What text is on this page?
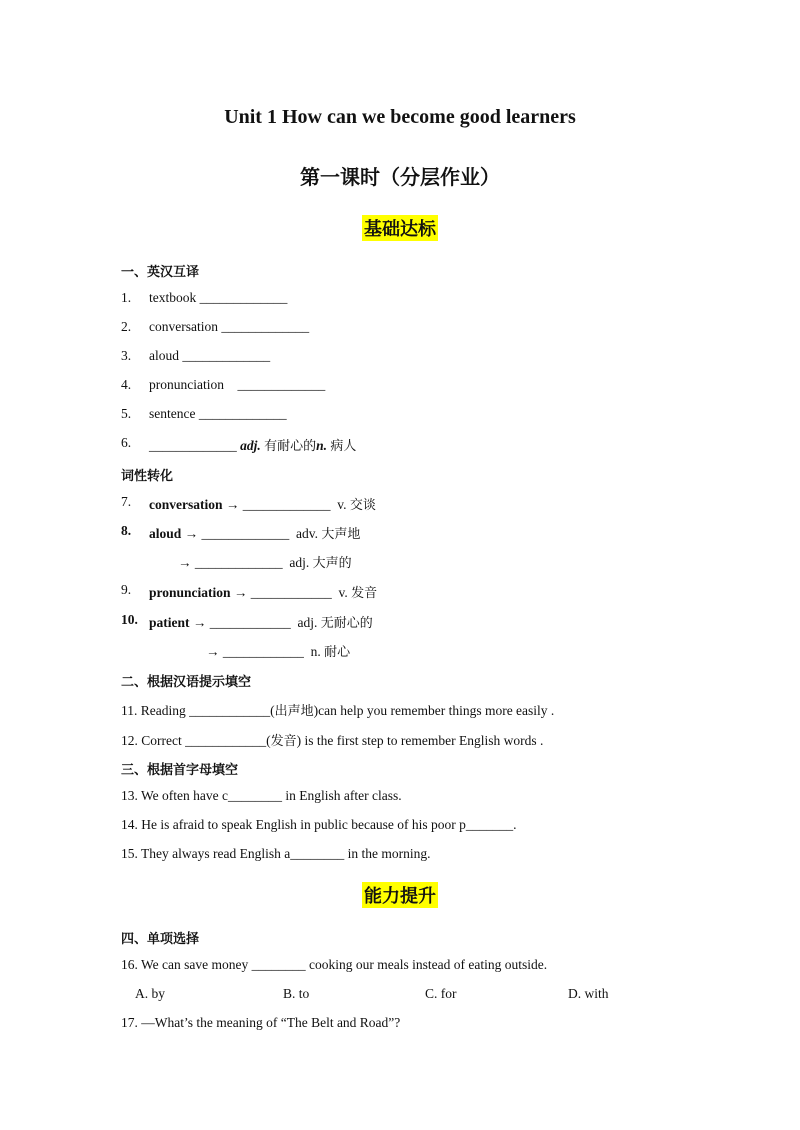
Unit 1 How can we become good learners
第一课时（分层作业）
基础达标
一、英汉互译
1. textbook _____________
2. conversation _____________
3. aloud _____________
4. pronunciation    _____________
5. sentence _____________
6. _____________ adj. 有耐心的n. 病人
词性转化
7. conversation → _____________ v. 交谈
8. aloud → _____________ adv. 大声地
→ _____________ adj. 大声的
9. pronunciation → ____________ v. 发音
10. patient → ____________ adj. 无耐心的
→ ____________ n. 耐心
二、根据汉语提示填空
11. Reading ____________(出声地)can help you remember things more easily .
12. Correct ____________(发音) is the first step to remember English words .
三、根据首字母填空
13. We often have c________ in English after class.
14. He is afraid to speak English in public because of his poor p_______.
15. They always read English a________ in the morning.
能力提升
四、单项选择
16. We can save money ________ cooking our meals instead of eating outside.
A. by	B. to	C. for	D. with
17. —What’s the meaning of “The Belt and Road”?
